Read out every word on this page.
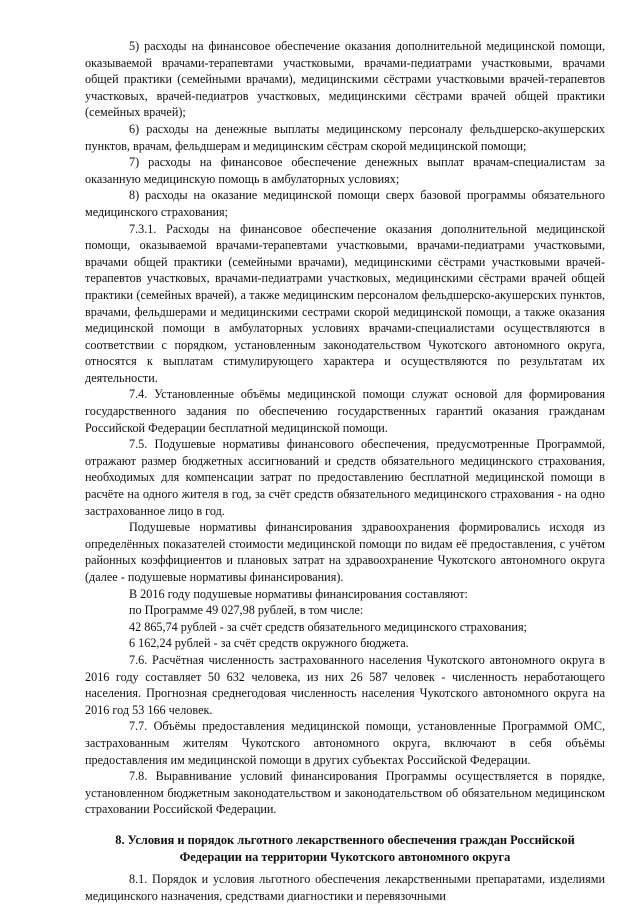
5) расходы на финансовое обеспечение оказания дополнительной медицинской помощи, оказываемой врачами-терапевтами участковыми, врачами-педиатрами участковыми, врачами общей практики (семейными врачами), медицинскими сёстрами участковыми врачей-терапевтов участковых, врачей-педиатров участковых, медицинскими сёстрами врачей общей практики (семейных врачей);

6) расходы на денежные выплаты медицинскому персоналу фельдшерско-акушерских пунктов, врачам, фельдшерам и медицинским сёстрам скорой медицинской помощи;

7) расходы на финансовое обеспечение денежных выплат врачам-специалистам за оказанную медицинскую помощь в амбулаторных условиях;

8) расходы на оказание медицинской помощи сверх базовой программы обязательного медицинского страхования;

7.3.1. Расходы на финансовое обеспечение оказания дополнительной медицинской помощи, оказываемой врачами-терапевтами участковыми, врачами-педиатрами участковыми, врачами общей практики (семейными врачами), медицинскими сёстрами участковыми врачей-терапевтов участковых, врачами-педиатрами участковых, медицинскими сёстрами врачей общей практики (семейных врачей), а также медицинским персоналом фельдшерско-акушерских пунктов, врачами, фельдшерами и медицинскими сестрами скорой медицинской помощи, а также оказания медицинской помощи в амбулаторных условиях врачами-специалистами осуществляются в соответствии с порядком, установленным законодательством Чукотского автономного округа, относятся к выплатам стимулирующего характера и осуществляются по результатам их деятельности.

7.4. Установленные объёмы медицинской помощи служат основой для формирования государственного задания по обеспечению государственных гарантий оказания гражданам Российской Федерации бесплатной медицинской помощи.

7.5. Подушевые нормативы финансового обеспечения, предусмотренные Программой, отражают размер бюджетных ассигнований и средств обязательного медицинского страхования, необходимых для компенсации затрат по предоставлению бесплатной медицинской помощи в расчёте на одного жителя в год, за счёт средств обязательного медицинского страхования - на одно застрахованное лицо в год.

Подушевые нормативы финансирования здравоохранения формировались исходя из определённых показателей стоимости медицинской помощи по видам её предоставления, с учётом районных коэффициентов и плановых затрат на здравоохранение Чукотского автономного округа (далее - подушевые нормативы финансирования).

В 2016 году подушевые нормативы финансирования составляют:

по Программе 49 027,98 рублей, в том числе:

42 865,74 рублей - за счёт средств обязательного медицинского страхования;

6 162,24 рублей - за счёт средств окружного бюджета.

7.6. Расчётная численность застрахованного населения Чукотского автономного округа в 2016 году составляет 50 632 человека, из них 26 587 человек - численность неработающего населения. Прогнозная среднегодовая численность населения Чукотского автономного округа на 2016 год 53 166 человек.

7.7. Объёмы предоставления медицинской помощи, установленные Программой ОМС, застрахованным жителям Чукотского автономного округа, включают в себя объёмы предоставления им медицинской помощи в других субъектах Российской Федерации.

7.8. Выравнивание условий финансирования Программы осуществляется в порядке, установленном бюджетным законодательством и законодательством об обязательном медицинском страховании Российской Федерации.

8. Условия и порядок льготного лекарственного обеспечения граждан Российской Федерации на территории Чукотского автономного округа

8.1. Порядок и условия льготного обеспечения лекарственными препаратами, изделиями медицинского назначения, средствами диагностики и перевязочными
